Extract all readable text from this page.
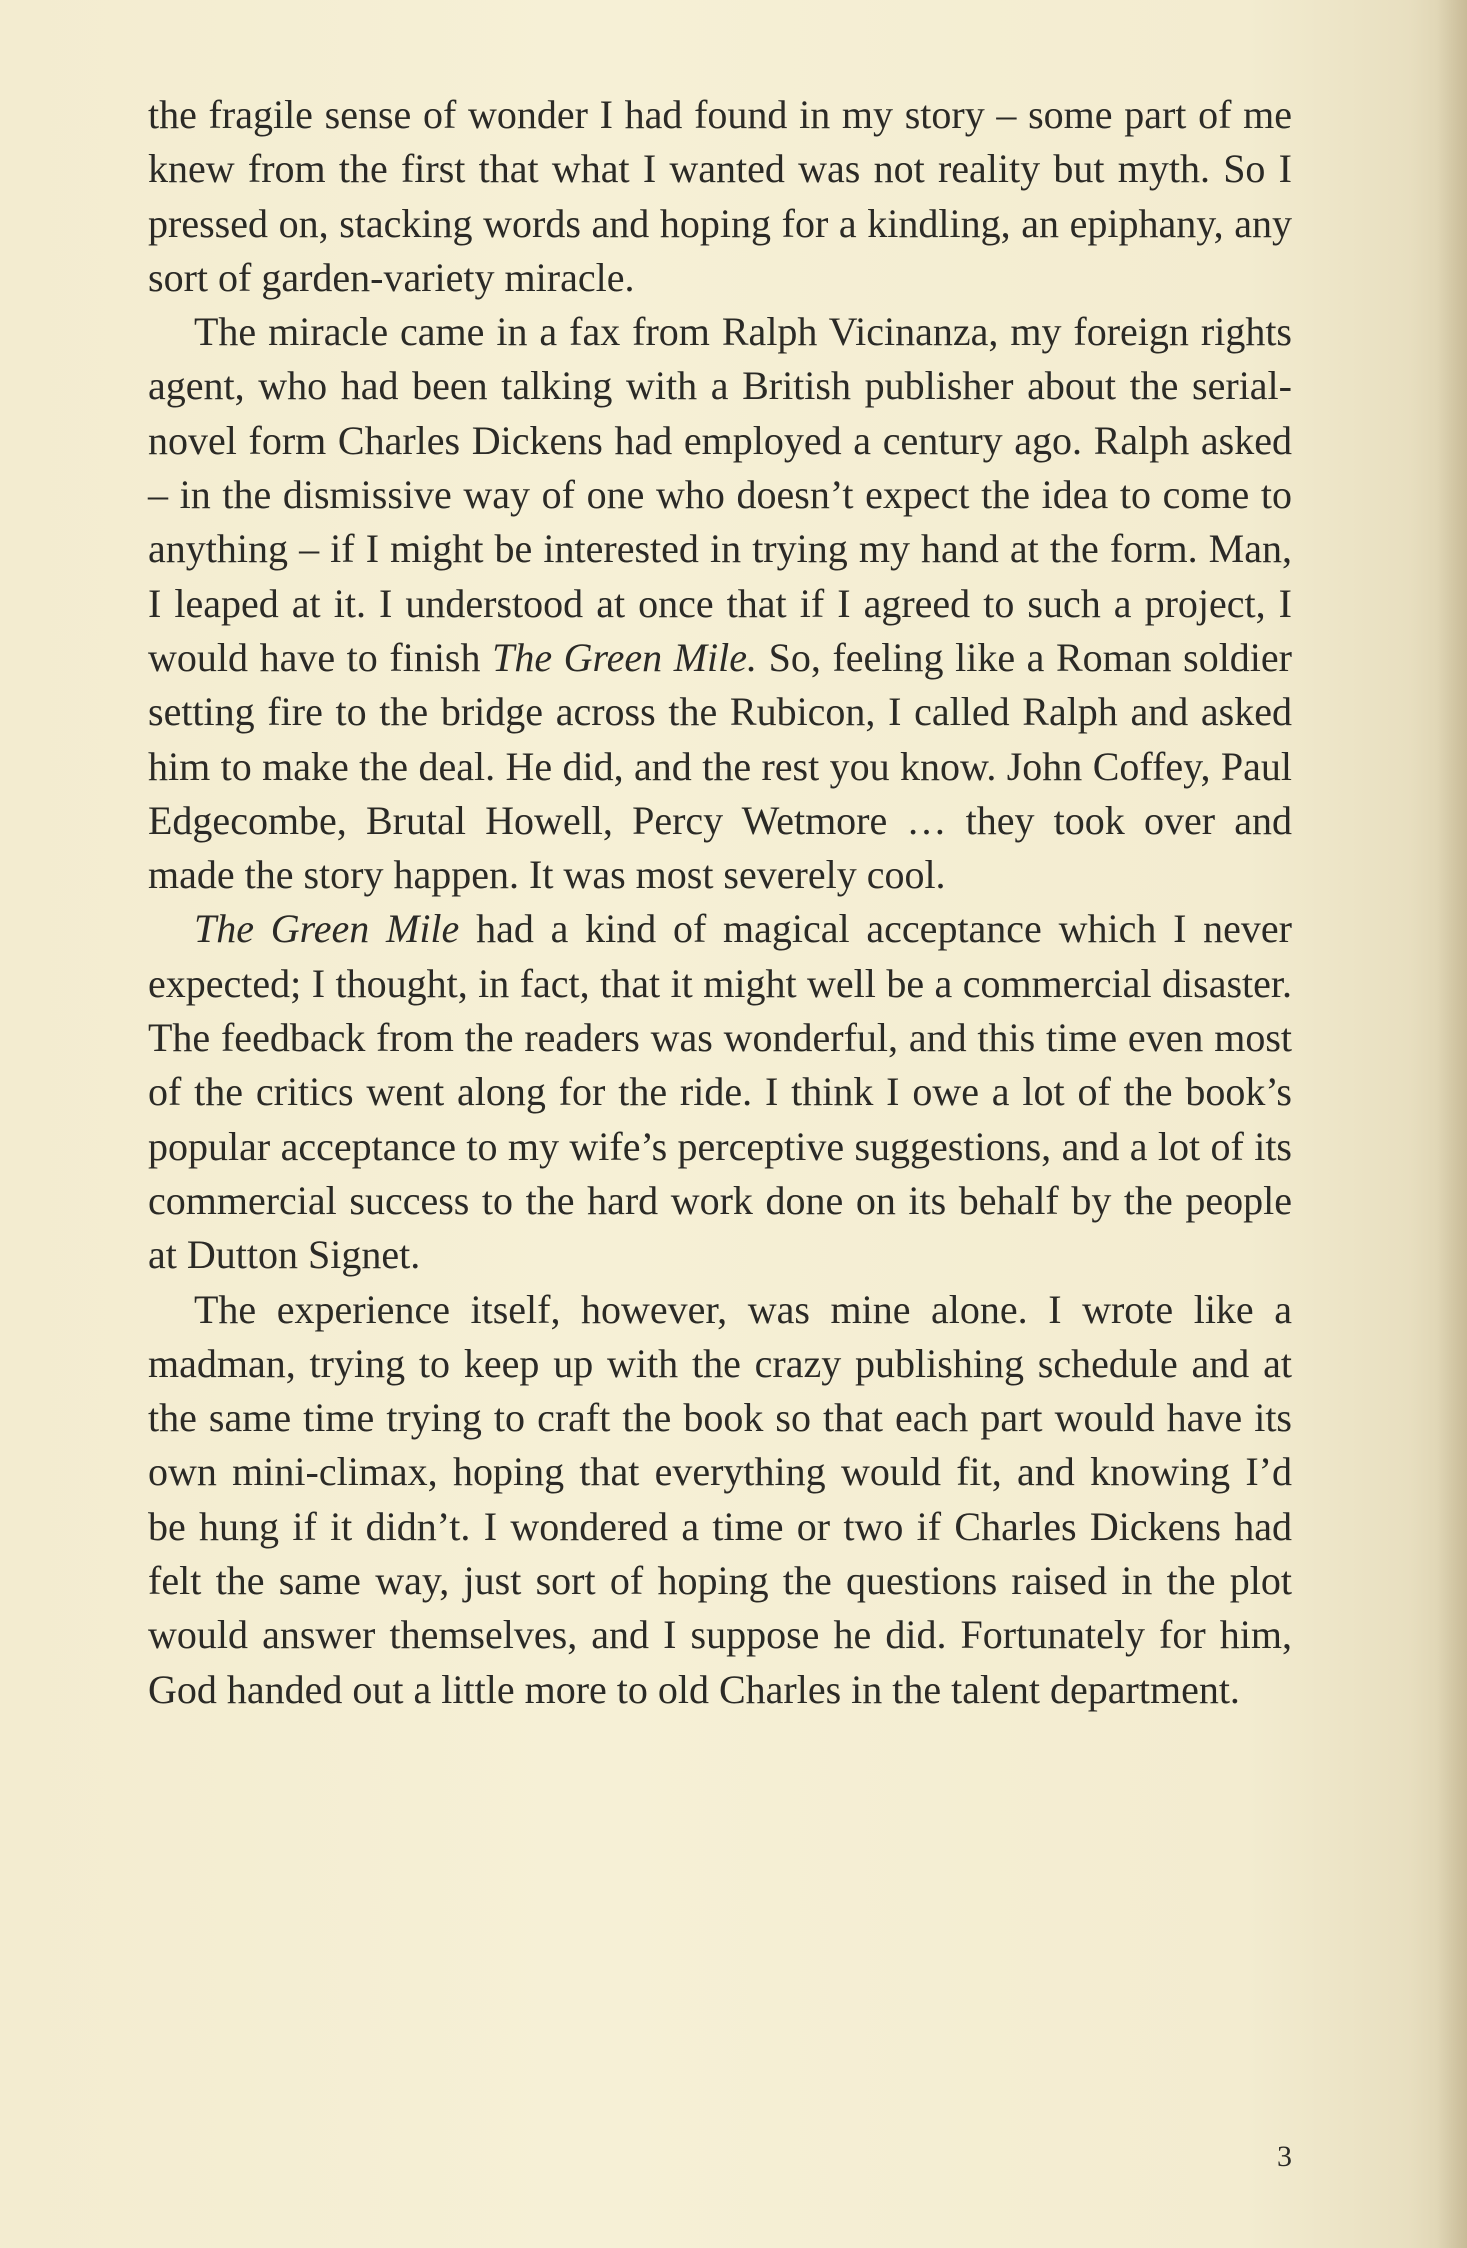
the fragile sense of wonder I had found in my story – some part of me knew from the first that what I wanted was not reality but myth. So I pressed on, stacking words and hoping for a kindling, an epiphany, any sort of garden-variety miracle.

The miracle came in a fax from Ralph Vicinanza, my foreign rights agent, who had been talking with a British publisher about the serial-novel form Charles Dickens had employed a century ago. Ralph asked – in the dismissive way of one who doesn’t expect the idea to come to anything – if I might be interested in trying my hand at the form. Man, I leaped at it. I understood at once that if I agreed to such a project, I would have to finish The Green Mile. So, feeling like a Roman soldier setting fire to the bridge across the Rubicon, I called Ralph and asked him to make the deal. He did, and the rest you know. John Coffey, Paul Edgecombe, Brutal Howell, Percy Wetmore … they took over and made the story happen. It was most severely cool.

The Green Mile had a kind of magical acceptance which I never expected; I thought, in fact, that it might well be a commercial disaster. The feedback from the readers was wonderful, and this time even most of the critics went along for the ride. I think I owe a lot of the book’s popular acceptance to my wife’s perceptive suggestions, and a lot of its commercial success to the hard work done on its behalf by the people at Dutton Signet.

The experience itself, however, was mine alone. I wrote like a madman, trying to keep up with the crazy publishing schedule and at the same time trying to craft the book so that each part would have its own mini-climax, hoping that everything would fit, and knowing I’d be hung if it didn’t. I wondered a time or two if Charles Dickens had felt the same way, just sort of hoping the questions raised in the plot would answer themselves, and I suppose he did. Fortunately for him, God handed out a little more to old Charles in the talent department.

3
